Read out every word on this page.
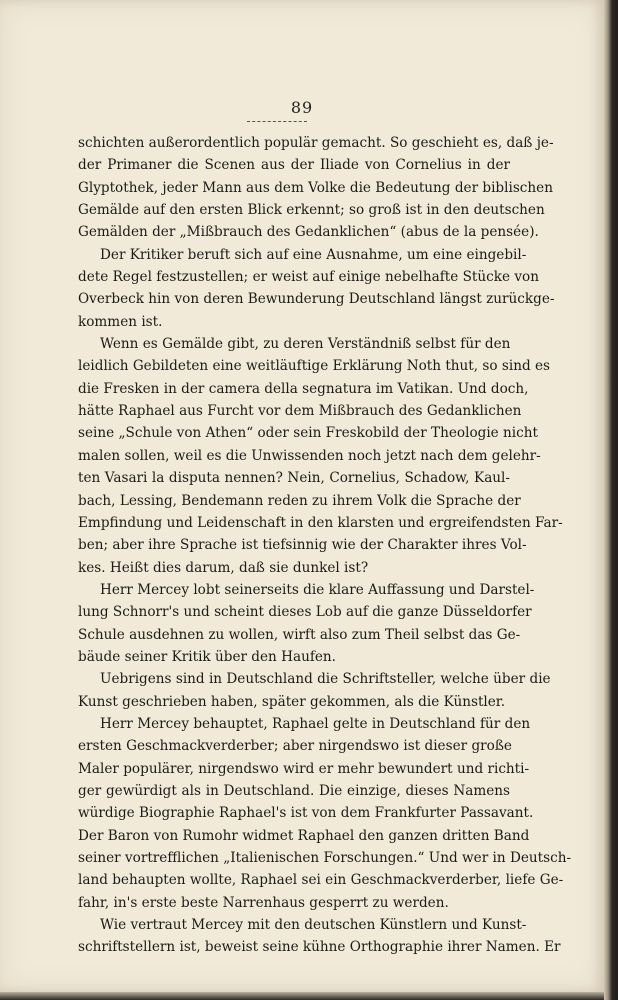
89
schichten außerordentlich populär gemacht. So geschieht es, daß je-
der Primaner die Scenen aus der Iliade von Cornelius in der
Glyptothek, jeder Mann aus dem Volke die Bedeutung der biblischen
Gemälde auf den ersten Blick erkennt; so groß ist in den deutschen
Gemälden der „Mißbrauch des Gedanklichen“ (abus de la pensée).
Der Kritiker beruft sich auf eine Ausnahme, um eine eingebil-
dete Regel festzustellen; er weist auf einige nebelhafte Stücke von
Overbeck hin von deren Bewunderung Deutschland längst zurückge-
kommen ist.
Wenn es Gemälde gibt, zu deren Verständniß selbst für den
leidlich Gebildeten eine weitläuftige Erklärung Noth thut, so sind es
die Fresken in der camera della segnatura im Vatikan. Und doch,
hätte Raphael aus Furcht vor dem Mißbrauch des Gedanklichen
seine „Schule von Athen“ oder sein Freskobild der Theologie nicht
malen sollen, weil es die Unwissenden noch jetzt nach dem gelehr-
ten Vasari la disputa nennen? Nein, Cornelius, Schadow, Kaul-
bach, Lessing, Bendemann reden zu ihrem Volk die Sprache der
Empfindung und Leidenschaft in den klarsten und ergreifendsten Far-
ben; aber ihre Sprache ist tiefsinnig wie der Charakter ihres Vol-
kes. Heißt dies darum, daß sie dunkel ist?
Herr Mercey lobt seinerseits die klare Auffassung und Darstel-
lung Schnorr's und scheint dieses Lob auf die ganze Düsseldorfer
Schule ausdehnen zu wollen, wirft also zum Theil selbst das Ge-
bäude seiner Kritik über den Haufen.
Uebrigens sind in Deutschland die Schriftsteller, welche über die
Kunst geschrieben haben, später gekommen, als die Künstler.
Herr Mercey behauptet, Raphael gelte in Deutschland für den
ersten Geschmackverderber; aber nirgendswo ist dieser große
Maler populärer, nirgendswo wird er mehr bewundert und richti-
ger gewürdigt als in Deutschland. Die einzige, dieses Namens
würdige Biographie Raphael's ist von dem Frankfurter Passavant.
Der Baron von Rumohr widmet Raphael den ganzen dritten Band
seiner vortrefflichen „Italienischen Forschungen.“ Und wer in Deutsch-
land behaupten wollte, Raphael sei ein Geschmackverderber, liefe Ge-
fahr, in's erste beste Narrenhaus gesperrt zu werden.
Wie vertraut Mercey mit den deutschen Künstlern und Kunst-
schriftstellern ist, beweist seine kühne Orthographie ihrer Namen. Er
